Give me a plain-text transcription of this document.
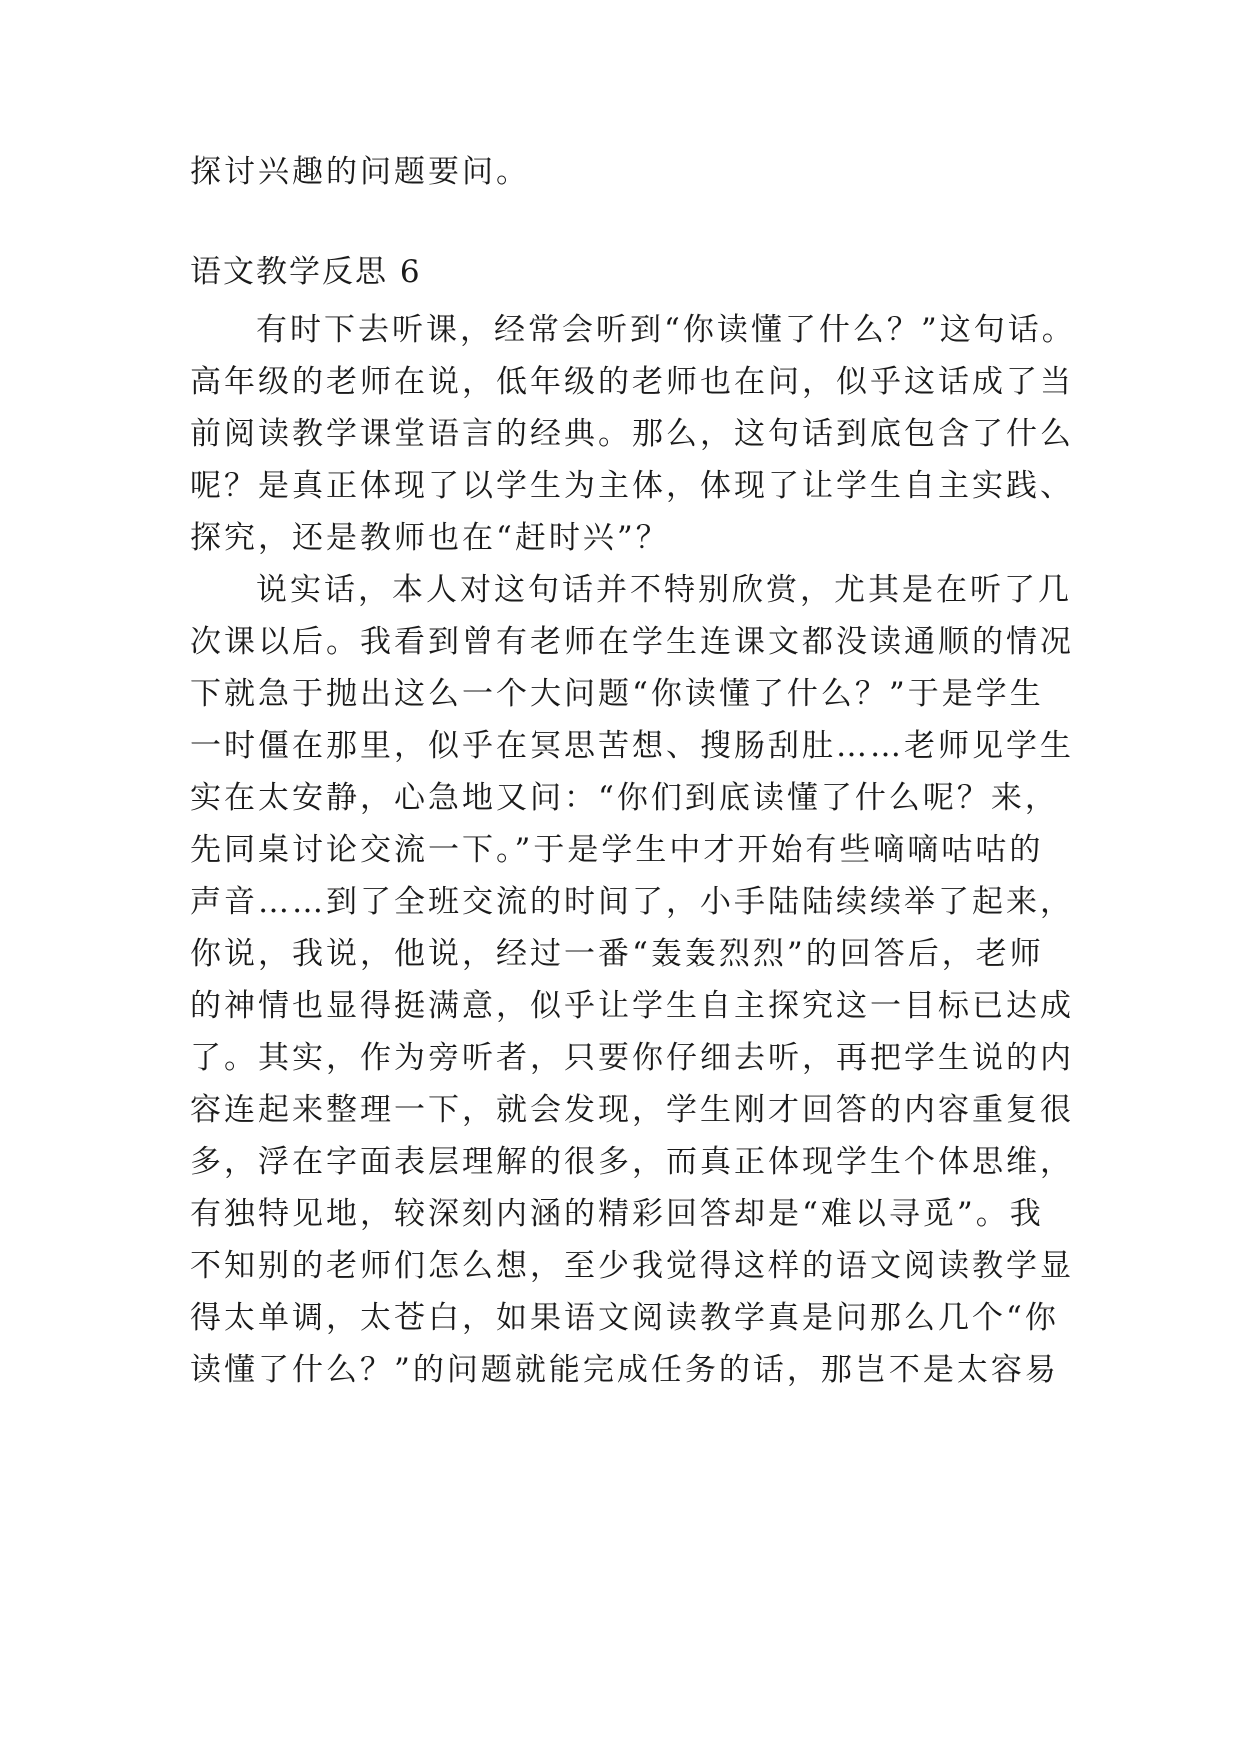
探讨兴趣的问题要问。

语文教学反思 6

有时下去听课，经常会听到“你读懂了什么？”这句话。

高年级的老师在说，低年级的老师也在问，似乎这话成了当

前阅读教学课堂语言的经典。那么，这句话到底包含了什么

呢？是真正体现了以学生为主体，体现了让学生自主实践、

探究，还是教师也在“赶时兴”？

说实话，本人对这句话并不特别欣赏，尤其是在听了几

次课以后。我看到曾有老师在学生连课文都没读通顺的情况

下就急于抛出这么一个大问题“你读懂了什么？”于是学生

一时僵在那里，似乎在冥思苦想、搜肠刮肚……老师见学生

实在太安静，心急地又问：“你们到底读懂了什么呢？来，

先同桌讨论交流一下。”于是学生中才开始有些嘀嘀咕咕的

声音……到了全班交流的时间了，小手陆陆续续举了起来，

你说，我说，他说，经过一番“轰轰烈烈”的回答后，老师

的神情也显得挺满意，似乎让学生自主探究这一目标已达成

了。其实，作为旁听者，只要你仔细去听，再把学生说的内

容连起来整理一下，就会发现，学生刚才回答的内容重复很

多，浮在字面表层理解的很多，而真正体现学生个体思维，

有独特见地，较深刻内涵的精彩回答却是“难以寻觅”。我

不知别的老师们怎么想，至少我觉得这样的语文阅读教学显

得太单调，太苍白，如果语文阅读教学真是问那么几个“你

读懂了什么？”的问题就能完成任务的话，那岂不是太容易
